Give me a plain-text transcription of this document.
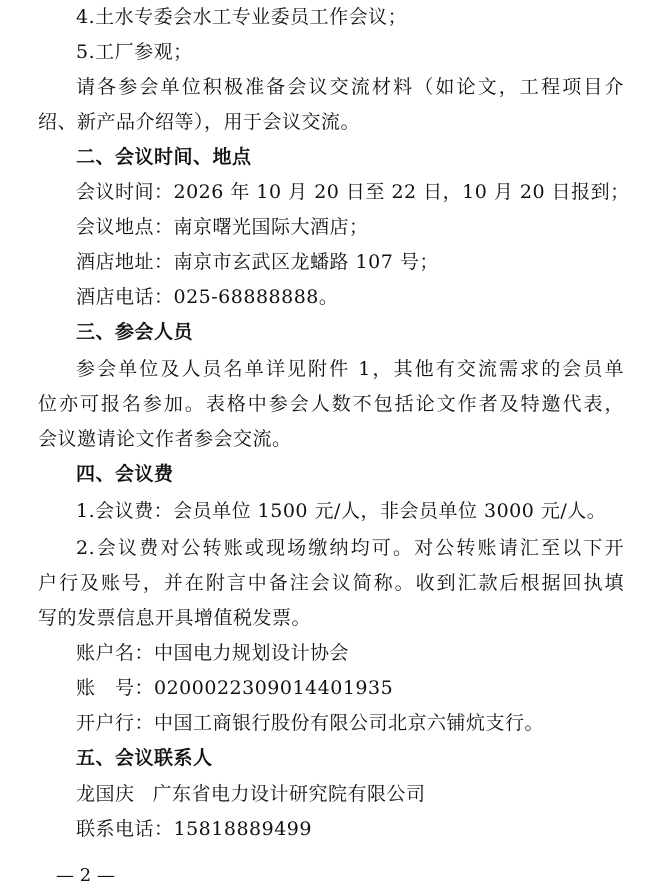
4.土水专委会水工专业委员工作会议；
5.工厂参观；
请各参会单位积极准备会议交流材料（如论文，工程项目介
绍、新产品介绍等），用于会议交流。
二、会议时间、地点
会议时间：2026 年 10 月 20 日至 22 日，10 月 20 日报到；
会议地点：南京曙光国际大酒店；
酒店地址：南京市玄武区龙蟠路 107 号；
酒店电话：025-68888888。
三、参会人员
参会单位及人员名单详见附件 1，其他有交流需求的会员单
位亦可报名参加。表格中参会人数不包括论文作者及特邀代表，
会议邀请论文作者参会交流。
四、会议费
1.会议费：会员单位 1500 元/人，非会员单位 3000 元/人。
2.会议费对公转账或现场缴纳均可。对公转账请汇至以下开
户行及账号，并在附言中备注会议简称。收到汇款后根据回执填
写的发票信息开具增值税发票。
账户名：中国电力规划设计协会
账　号：0200022309014401935
开户行：中国工商银行股份有限公司北京六铺炕支行。
五、会议联系人
龙国庆 广东省电力设计研究院有限公司
联系电话：15818889499
— 2 —
